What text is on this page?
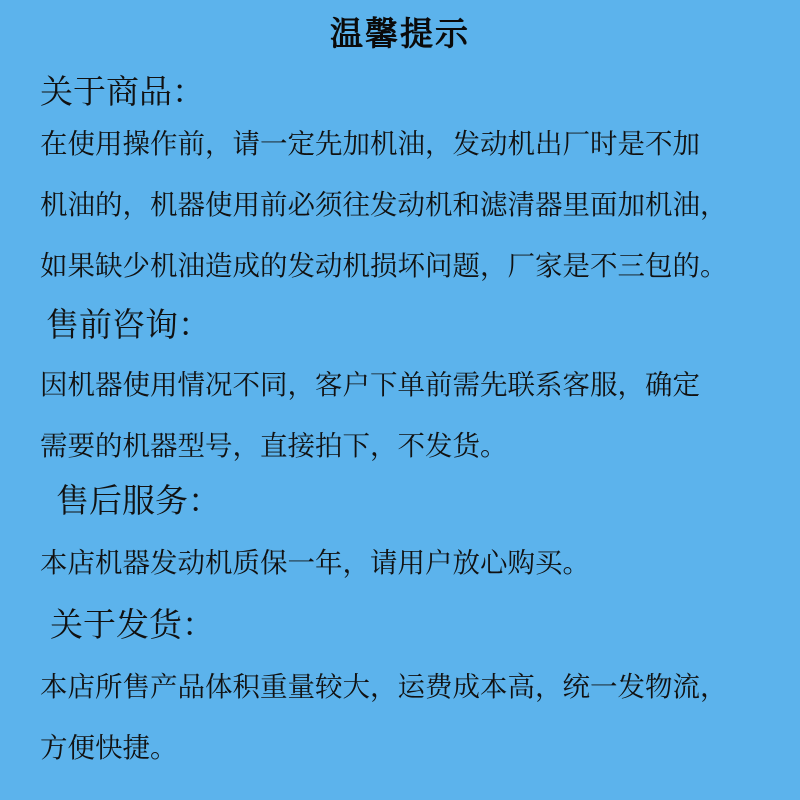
温馨提示
关于商品：
在使用操作前，请一定先加机油，发动机出厂时是不加
机油的，机器使用前必须往发动机和滤清器里面加机油，
如果缺少机油造成的发动机损坏问题，厂家是不三包的。
售前咨询：
因机器使用情况不同，客户下单前需先联系客服，确定
需要的机器型号，直接拍下，不发货。
售后服务：
本店机器发动机质保一年，请用户放心购买。
关于发货：
本店所售产品体积重量较大，运费成本高，统一发物流，
方便快捷。
